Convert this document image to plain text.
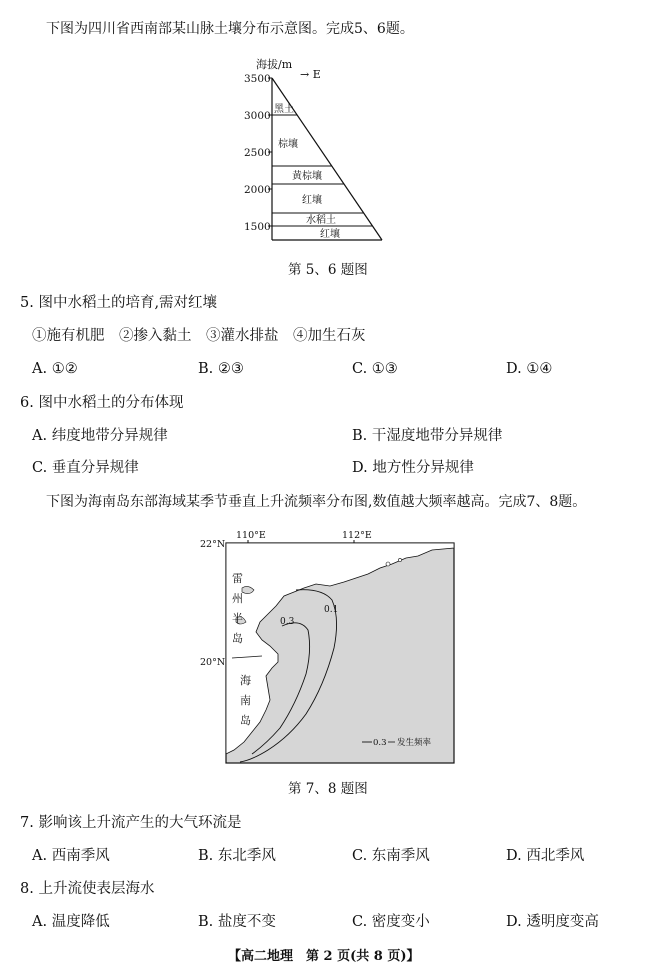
下图为四川省西南部某山脉土壤分布示意图。完成5、6题。
海拔/m
→ E
3500
3000
2500
2000
1500
黑土
棕壤
黄棕壤
红壤
水稻土
红壤
第 5、6 题图
5. 图中水稻土的培育,需对红壤
①施有机肥　②掺入黏土　③灌水排盐　④加生石灰
A. ①②	B. ②③	C. ①③	D. ①④
6. 图中水稻土的分布体现
A. 纬度地带分异规律	B. 干湿度地带分异规律
C. 垂直分异规律	D. 地方性分异规律
下图为海南岛东部海域某季节垂直上升流频率分布图,数值越大频率越高。完成7、8题。
110°E	112°E
22°N
20°N
0.1
0.3
雷
州
半
岛
海
南
岛
0.3 发生频率
第 7、8 题图
7. 影响该上升流产生的大气环流是
A. 西南季风	B. 东北季风	C. 东南季风	D. 西北季风
8. 上升流使表层海水
A. 温度降低	B. 盐度不变	C. 密度变小	D. 透明度变高
【高二地理　第 2 页(共 8 页)】
